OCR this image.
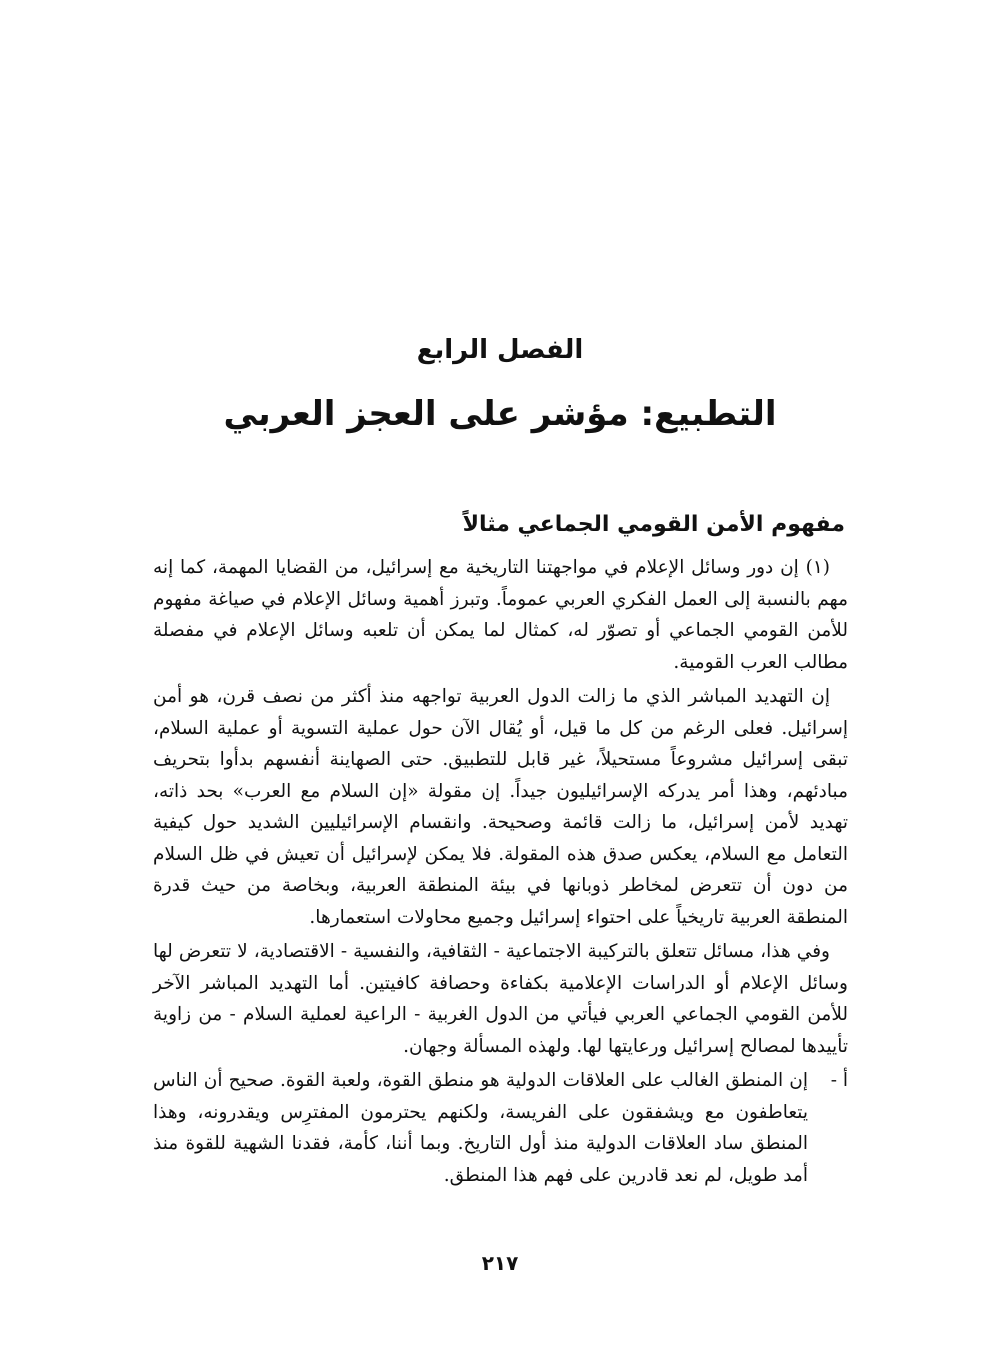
الفصل الرابع
التطبيع: مؤشر على العجز العربي
مفهوم الأمن القومي الجماعي مثالاً

(١) إن دور وسائل الإعلام في مواجهتنا التاريخية مع إسرائيل، من القضايا المهمة، كما إنه مهم بالنسبة إلى العمل الفكري العربي عموماً. وتبرز أهمية وسائل الإعلام في صياغة مفهوم للأمن القومي الجماعي أو تصوّر له، كمثال لما يمكن أن تلعبه وسائل الإعلام في مفصلة مطالب العرب القومية.

إن التهديد المباشر الذي ما زالت الدول العربية تواجهه منذ أكثر من نصف قرن، هو أمن إسرائيل. فعلى الرغم من كل ما قيل، أو يُقال الآن حول عملية التسوية أو عملية السلام، تبقى إسرائيل مشروعاً مستحيلاً، غير قابل للتطبيق. حتى الصهاينة أنفسهم بدأوا بتحريف مبادئهم، وهذا أمر يدركه الإسرائيليون جيداً. إن مقولة «إن السلام مع العرب» بحد ذاته، تهديد لأمن إسرائيل، ما زالت قائمة وصحيحة. وانقسام الإسرائيليين الشديد حول كيفية التعامل مع السلام، يعكس صدق هذه المقولة. فلا يمكن لإسرائيل أن تعيش في ظل السلام من دون أن تتعرض لمخاطر ذوبانها في بيئة المنطقة العربية، وبخاصة من حيث قدرة المنطقة العربية تاريخياً على احتواء إسرائيل وجميع محاولات استعمارها.

وفي هذا، مسائل تتعلق بالتركيبة الاجتماعية - الثقافية، والنفسية - الاقتصادية، لا تتعرض لها وسائل الإعلام أو الدراسات الإعلامية بكفاءة وحصافة كافيتين. أما التهديد المباشر الآخر للأمن القومي الجماعي العربي فيأتي من الدول الغربية - الراعية لعملية السلام - من زاوية تأييدها لمصالح إسرائيل ورعايتها لها. ولهذه المسألة وجهان.

أ -
إن المنطق الغالب على العلاقات الدولية هو منطق القوة، ولعبة القوة. صحيح أن الناس يتعاطفون مع ويشفقون على الفريسة، ولكنهم يحترمون المفترِس ويقدرونه، وهذا المنطق ساد العلاقات الدولية منذ أول التاريخ. وبما أننا، كأمة، فقدنا الشهية للقوة منذ أمد طويل، لم نعد قادرين على فهم هذا المنطق.
٢١٧
